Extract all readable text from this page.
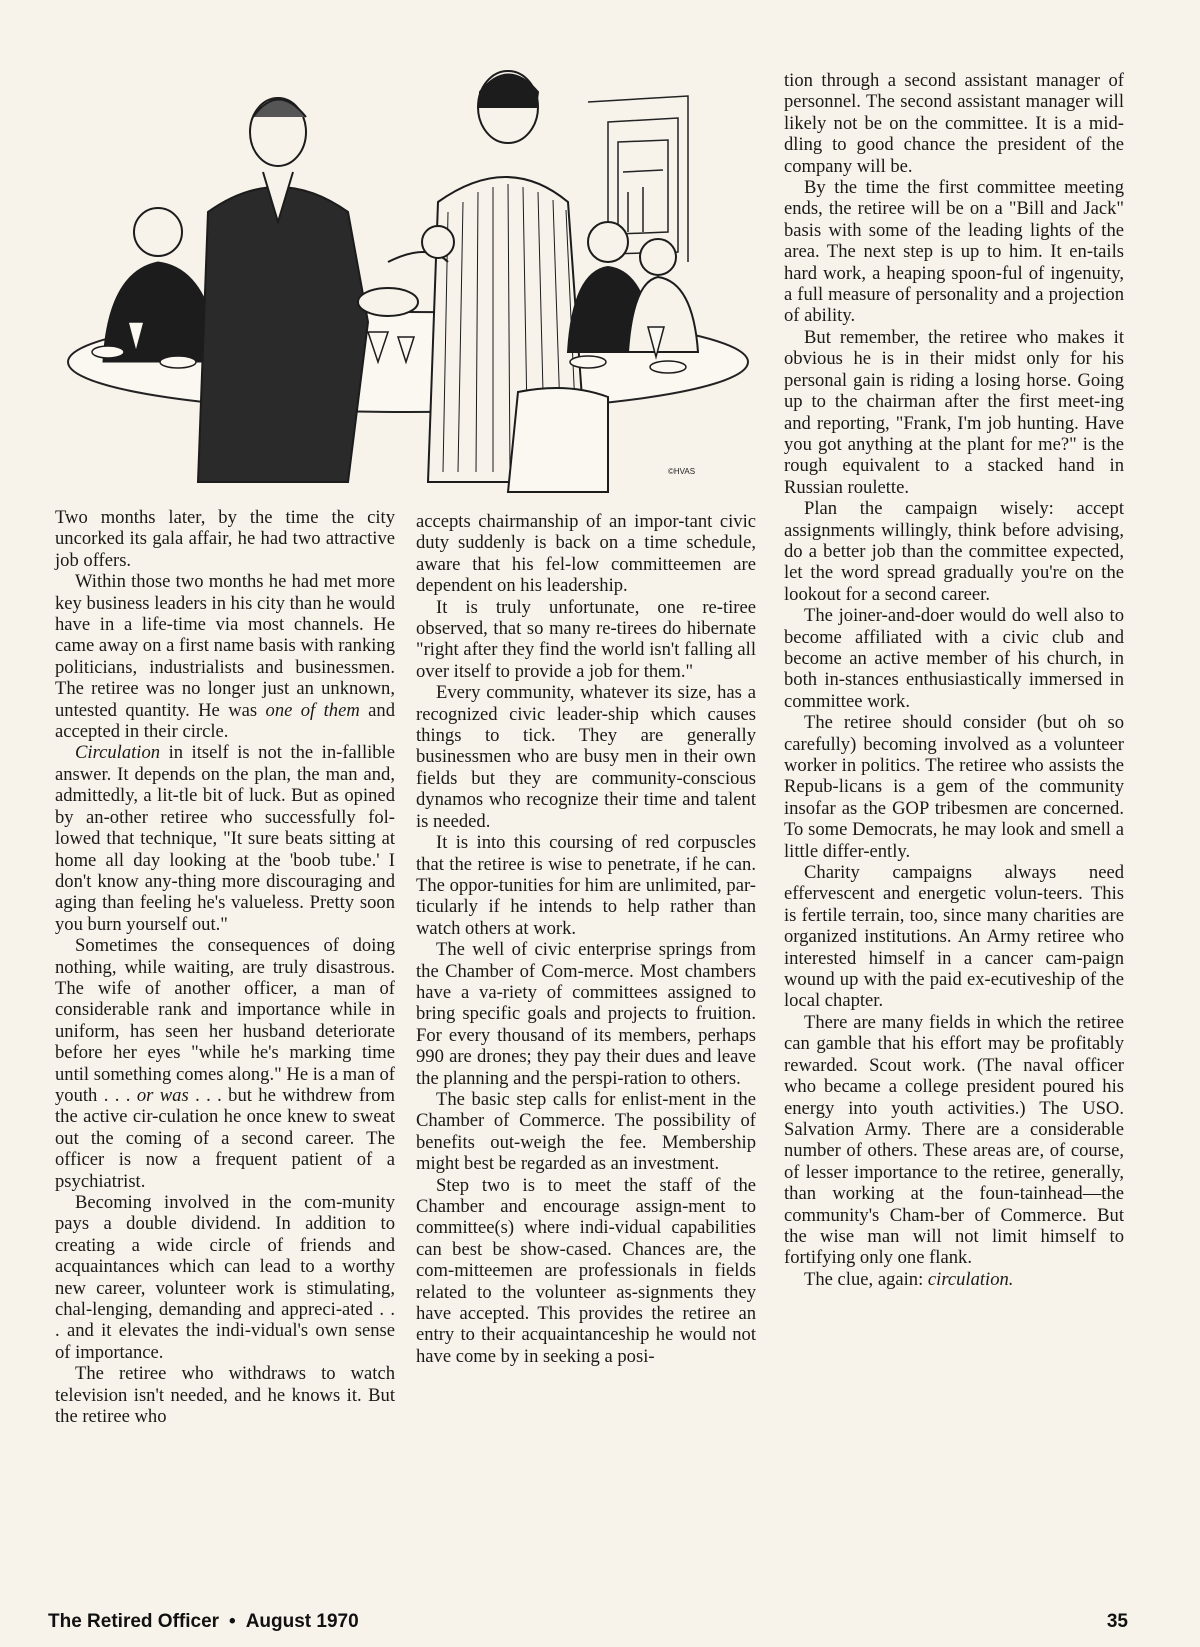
©HVAS

Two months later, by the time the city uncorked its gala affair, he had two attractive job offers.

Within those two months he had met more key business leaders in his city than he would have in a life-time via most channels. He came away on a first name basis with ranking politicians, industrialists and businessmen. The retiree was no longer just an unknown, untested quantity. He was one of them and accepted in their circle.

Circulation in itself is not the in-fallible answer. It depends on the plan, the man and, admittedly, a lit-tle bit of luck. But as opined by an-other retiree who successfully fol-lowed that technique, "It sure beats sitting at home all day looking at the 'boob tube.' I don't know any-thing more discouraging and aging than feeling he's valueless. Pretty soon you burn yourself out."

Sometimes the consequences of doing nothing, while waiting, are truly disastrous. The wife of another officer, a man of considerable rank and importance while in uniform, has seen her husband deteriorate before her eyes "while he's marking time until something comes along." He is a man of youth . . . or was . . . but he withdrew from the active cir-culation he once knew to sweat out the coming of a second career. The officer is now a frequent patient of a psychiatrist.

Becoming involved in the com-munity pays a double dividend. In addition to creating a wide circle of friends and acquaintances which can lead to a worthy new career, volunteer work is stimulating, chal-lenging, demanding and appreci-ated . . . and it elevates the indi-vidual's own sense of importance.

The retiree who withdraws to watch television isn't needed, and he knows it. But the retiree who

accepts chairmanship of an impor-tant civic duty suddenly is back on a time schedule, aware that his fel-low committeemen are dependent on his leadership.

It is truly unfortunate, one re-tiree observed, that so many re-tirees do hibernate "right after they find the world isn't falling all over itself to provide a job for them."

Every community, whatever its size, has a recognized civic leader-ship which causes things to tick. They are generally businessmen who are busy men in their own fields but they are community-conscious dynamos who recognize their time and talent is needed.

It is into this coursing of red corpuscles that the retiree is wise to penetrate, if he can. The oppor-tunities for him are unlimited, par-ticularly if he intends to help rather than watch others at work.

The well of civic enterprise springs from the Chamber of Com-merce. Most chambers have a va-riety of committees assigned to bring specific goals and projects to fruition. For every thousand of its members, perhaps 990 are drones; they pay their dues and leave the planning and the perspi-ration to others.

The basic step calls for enlist-ment in the Chamber of Commerce. The possibility of benefits out-weigh the fee. Membership might best be regarded as an investment.

Step two is to meet the staff of the Chamber and encourage assign-ment to committee(s) where indi-vidual capabilities can best be show-cased. Chances are, the com-mitteemen are professionals in fields related to the volunteer as-signments they have accepted. This provides the retiree an entry to their acquaintanceship he would not have come by in seeking a posi-

tion through a second assistant manager of personnel. The second assistant manager will likely not be on the committee. It is a mid-dling to good chance the president of the company will be.

By the time the first committee meeting ends, the retiree will be on a "Bill and Jack" basis with some of the leading lights of the area. The next step is up to him. It en-tails hard work, a heaping spoon-ful of ingenuity, a full measure of personality and a projection of ability.

But remember, the retiree who makes it obvious he is in their midst only for his personal gain is riding a losing horse. Going up to the chairman after the first meet-ing and reporting, "Frank, I'm job hunting. Have you got anything at the plant for me?" is the rough equivalent to a stacked hand in Russian roulette.

Plan the campaign wisely: accept assignments willingly, think before advising, do a better job than the committee expected, let the word spread gradually you're on the lookout for a second career.

The joiner-and-doer would do well also to become affiliated with a civic club and become an active member of his church, in both in-stances enthusiastically immersed in committee work.

The retiree should consider (but oh so carefully) becoming involved as a volunteer worker in politics. The retiree who assists the Repub-licans is a gem of the community insofar as the GOP tribesmen are concerned. To some Democrats, he may look and smell a little differ-ently.

Charity campaigns always need effervescent and energetic volun-teers. This is fertile terrain, too, since many charities are organized institutions. An Army retiree who interested himself in a cancer cam-paign wound up with the paid ex-ecutiveship of the local chapter.

There are many fields in which the retiree can gamble that his effort may be profitably rewarded. Scout work. (The naval officer who became a college president poured his energy into youth activities.) The USO. Salvation Army. There are a considerable number of others. These areas are, of course, of lesser importance to the retiree, generally, than working at the foun-tainhead—the community's Cham-ber of Commerce. But the wise man will not limit himself to fortifying only one flank.

The clue, again: circulation.

The Retired Officer • August 1970	35
